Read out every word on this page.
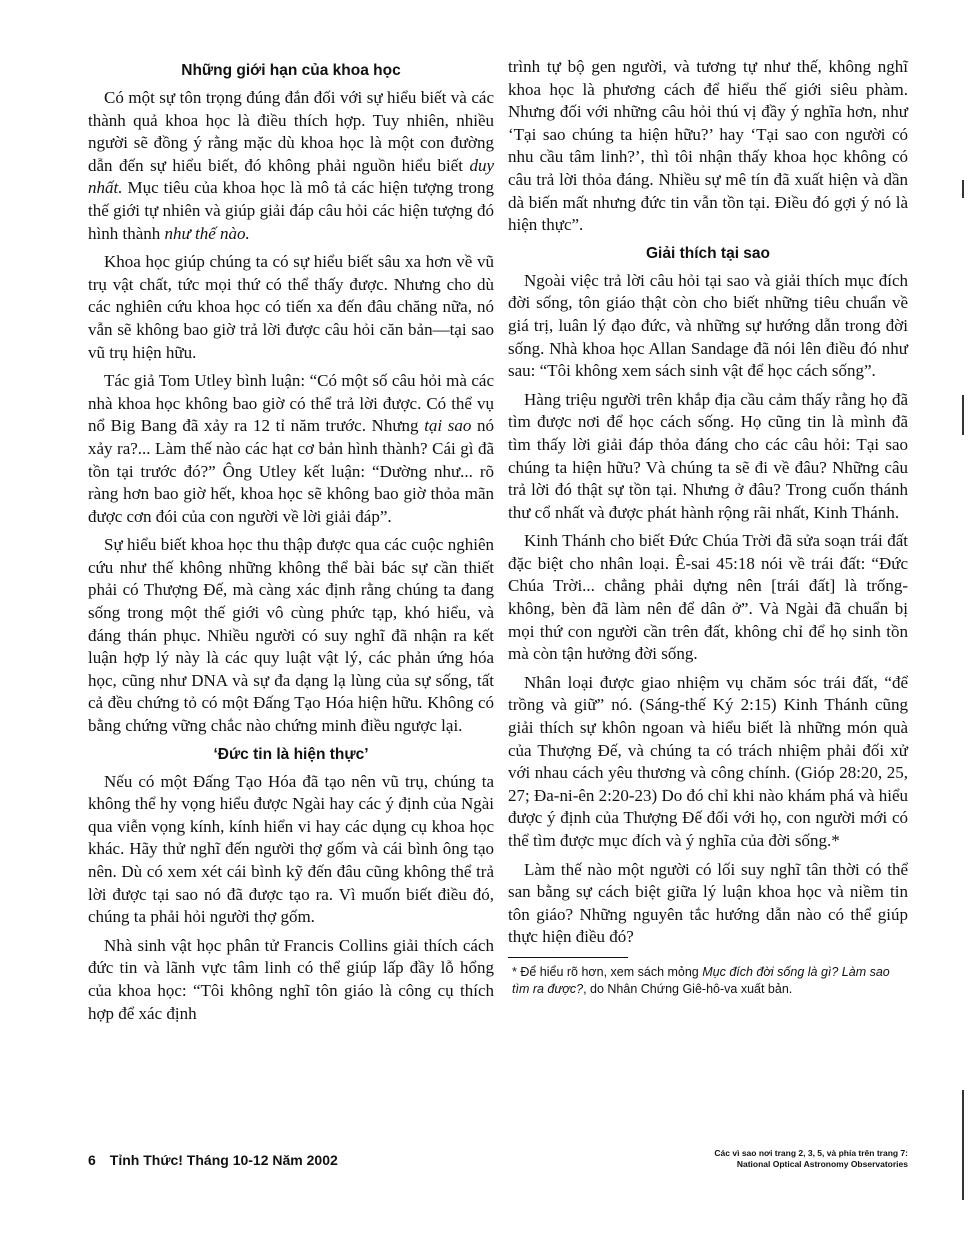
Những giới hạn của khoa học

Có một sự tôn trọng đúng đắn đối với sự hiểu biết và các thành quả khoa học là điều thích hợp. Tuy nhiên, nhiều người sẽ đồng ý rằng mặc dù khoa học là một con đường dẫn đến sự hiểu biết, đó không phải nguồn hiểu biết duy nhất. Mục tiêu của khoa học là mô tả các hiện tượng trong thế giới tự nhiên và giúp giải đáp câu hỏi các hiện tượng đó hình thành như thế nào.

Khoa học giúp chúng ta có sự hiểu biết sâu xa hơn về vũ trụ vật chất, tức mọi thứ có thể thấy được. Nhưng cho dù các nghiên cứu khoa học có tiến xa đến đâu chăng nữa, nó vẫn sẽ không bao giờ trả lời được câu hỏi căn bản—tại sao vũ trụ hiện hữu.

Tác giả Tom Utley bình luận: “Có một số câu hỏi mà các nhà khoa học không bao giờ có thể trả lời được. Có thể vụ nổ Big Bang đã xảy ra 12 tỉ năm trước. Nhưng tại sao nó xảy ra?... Làm thế nào các hạt cơ bản hình thành? Cái gì đã tồn tại trước đó?” Ông Utley kết luận: “Dường như... rõ ràng hơn bao giờ hết, khoa học sẽ không bao giờ thỏa mãn được cơn đói của con người về lời giải đáp”.

Sự hiểu biết khoa học thu thập được qua các cuộc nghiên cứu như thế không những không thể bài bác sự cần thiết phải có Thượng Đế, mà càng xác định rằng chúng ta đang sống trong một thế giới vô cùng phức tạp, khó hiểu, và đáng thán phục. Nhiều người có suy nghĩ đã nhận ra kết luận hợp lý này là các quy luật vật lý, các phản ứng hóa học, cũng như DNA và sự đa dạng lạ lùng của sự sống, tất cả đều chứng tỏ có một Đấng Tạo Hóa hiện hữu. Không có bằng chứng vững chắc nào chứng minh điều ngược lại.

‘Đức tin là hiện thực’

Nếu có một Đấng Tạo Hóa đã tạo nên vũ trụ, chúng ta không thể hy vọng hiểu được Ngài hay các ý định của Ngài qua viễn vọng kính, kính hiển vi hay các dụng cụ khoa học khác. Hãy thử nghĩ đến người thợ gốm và cái bình ông tạo nên. Dù có xem xét cái bình kỹ đến đâu cũng không thể trả lời được tại sao nó đã được tạo ra. Vì muốn biết điều đó, chúng ta phải hỏi người thợ gốm.

Nhà sinh vật học phân tử Francis Collins giải thích cách đức tin và lãnh vực tâm linh có thể giúp lấp đầy lỗ hổng của khoa học: “Tôi không nghĩ tôn giáo là công cụ thích hợp để xác định

trình tự bộ gen người, và tương tự như thế, không nghĩ khoa học là phương cách để hiểu thế giới siêu phàm. Nhưng đối với những câu hỏi thú vị đầy ý nghĩa hơn, như ‘Tại sao chúng ta hiện hữu?’ hay ‘Tại sao con người có nhu cầu tâm linh?’, thì tôi nhận thấy khoa học không có câu trả lời thỏa đáng. Nhiều sự mê tín đã xuất hiện và dần dà biến mất nhưng đức tin vẫn tồn tại. Điều đó gợi ý nó là hiện thực”.

Giải thích tại sao

Ngoài việc trả lời câu hỏi tại sao và giải thích mục đích đời sống, tôn giáo thật còn cho biết những tiêu chuẩn về giá trị, luân lý đạo đức, và những sự hướng dẫn trong đời sống. Nhà khoa học Allan Sandage đã nói lên điều đó như sau: “Tôi không xem sách sinh vật để học cách sống”.

Hàng triệu người trên khắp địa cầu cảm thấy rằng họ đã tìm được nơi để học cách sống. Họ cũng tin là mình đã tìm thấy lời giải đáp thỏa đáng cho các câu hỏi: Tại sao chúng ta hiện hữu? Và chúng ta sẽ đi về đâu? Những câu trả lời đó thật sự tồn tại. Nhưng ở đâu? Trong cuốn thánh thư cổ nhất và được phát hành rộng rãi nhất, Kinh Thánh.

Kinh Thánh cho biết Đức Chúa Trời đã sửa soạn trái đất đặc biệt cho nhân loại. Ê-sai 45:18 nói về trái đất: “Đức Chúa Trời... chẳng phải dựng nên [trái đất] là trống-không, bèn đã làm nên để dân ở”. Và Ngài đã chuẩn bị mọi thứ con người cần trên đất, không chỉ để họ sinh tồn mà còn tận hưởng đời sống.

Nhân loại được giao nhiệm vụ chăm sóc trái đất, “để trồng và giữ” nó. (Sáng-thế Ký 2:15) Kinh Thánh cũng giải thích sự khôn ngoan và hiểu biết là những món quà của Thượng Đế, và chúng ta có trách nhiệm phải đối xử với nhau cách yêu thương và công chính. (Gióp 28:20, 25, 27; Đa-ni-ên 2:20-23) Do đó chỉ khi nào khám phá và hiểu được ý định của Thượng Đế đối với họ, con người mới có thể tìm được mục đích và ý nghĩa của đời sống.*

Làm thế nào một người có lối suy nghĩ tân thời có thể san bằng sự cách biệt giữa lý luận khoa học và niềm tin tôn giáo? Những nguyên tắc hướng dẫn nào có thể giúp thực hiện điều đó?

* Để hiểu rõ hơn, xem sách mỏng Mục đích đời sống là gì? Làm sao tìm ra được?, do Nhân Chứng Giê-hô-va xuất bản.
6 Tỉnh Thức! Tháng 10-12 Năm 2002	Các vì sao nơi trang 2, 3, 5, và phía trên trang 7:
National Optical Astronomy Observatories
